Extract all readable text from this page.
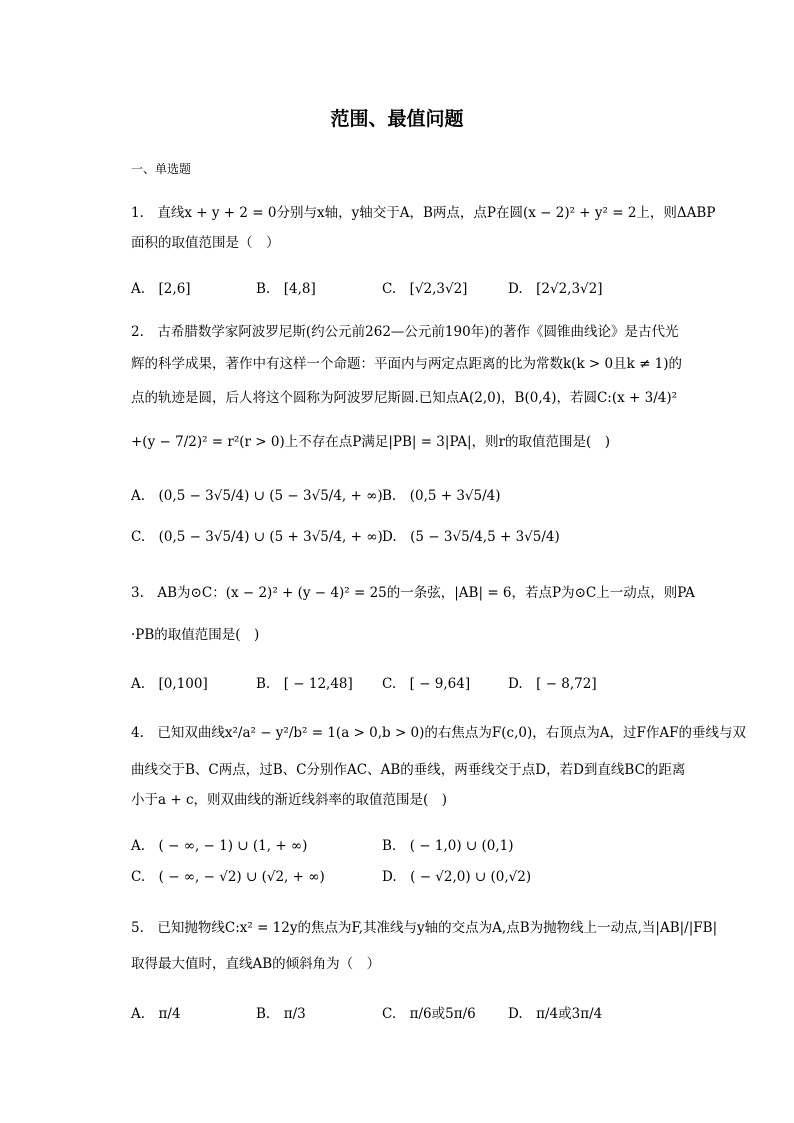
范围、最值问题
一、单选题
1.　直线x + y + 2 = 0分别与x轴，y轴交于A，B两点，点P在圆(x − 2)² + y² = 2上，则ΔABP
面积的取值范围是（　）
A.　[2,6]	B.　[4,8]	C.　[√2,3√2]	D.　[2√2,3√2]
2.　古希腊数学家阿波罗尼斯(约公元前262—公元前190年)的著作《圆锥曲线论》是古代光
辉的科学成果，著作中有这样一个命题：平面内与两定点距离的比为常数k(k > 0且k ≠ 1)的
点的轨迹是圆，后人将这个圆称为阿波罗尼斯圆.已知点A(2,0)，B(0,4)，若圆C:(x + 3/4)²
+(y − 7/2)² = r²(r > 0)上不存在点P满足|PB| = 3|PA|，则r的取值范围是(　)
A.　(0,5 − 3√5/4) ∪ (5 − 3√5/4, + ∞) B.　(0,5 + 3√5/4)
C.　(0,5 − 3√5/4) ∪ (5 + 3√5/4, + ∞) D.　(5 − 3√5/4,5 + 3√5/4)
3.　AB为⊙C：(x − 2)² + (y − 4)² = 25的一条弦，|AB| = 6，若点P为⊙C上一动点，则PA
·PB的取值范围是(　)
A.　[0,100]	B.　[ − 12,48] C.　[ − 9,64]	D.　[ − 8,72]
4.　已知双曲线x²/a² − y²/b² = 1(a > 0,b > 0)的右焦点为F(c,0)，右顶点为A，过F作AF的垂线与双
曲线交于B、C两点，过B、C分别作AC、AB的垂线，两垂线交于点D，若D到直线BC的距离
小于a + c，则双曲线的渐近线斜率的取值范围是(　)
A.　( − ∞, − 1) ∪ (1, + ∞)	B.　( − 1,0) ∪ (0,1)
C.　( − ∞, − √2) ∪ (√2, + ∞)	D.　( − √2,0) ∪ (0,√2)
5.　已知抛物线C:x² = 12y的焦点为F,其准线与y轴的交点为A,点B为抛物线上一动点,当|AB|/|FB|
取得最大值时，直线AB的倾斜角为（　）
A.　π/4	B.　π/3	C.　π/6或5π/6 D.　π/4或3π/4
